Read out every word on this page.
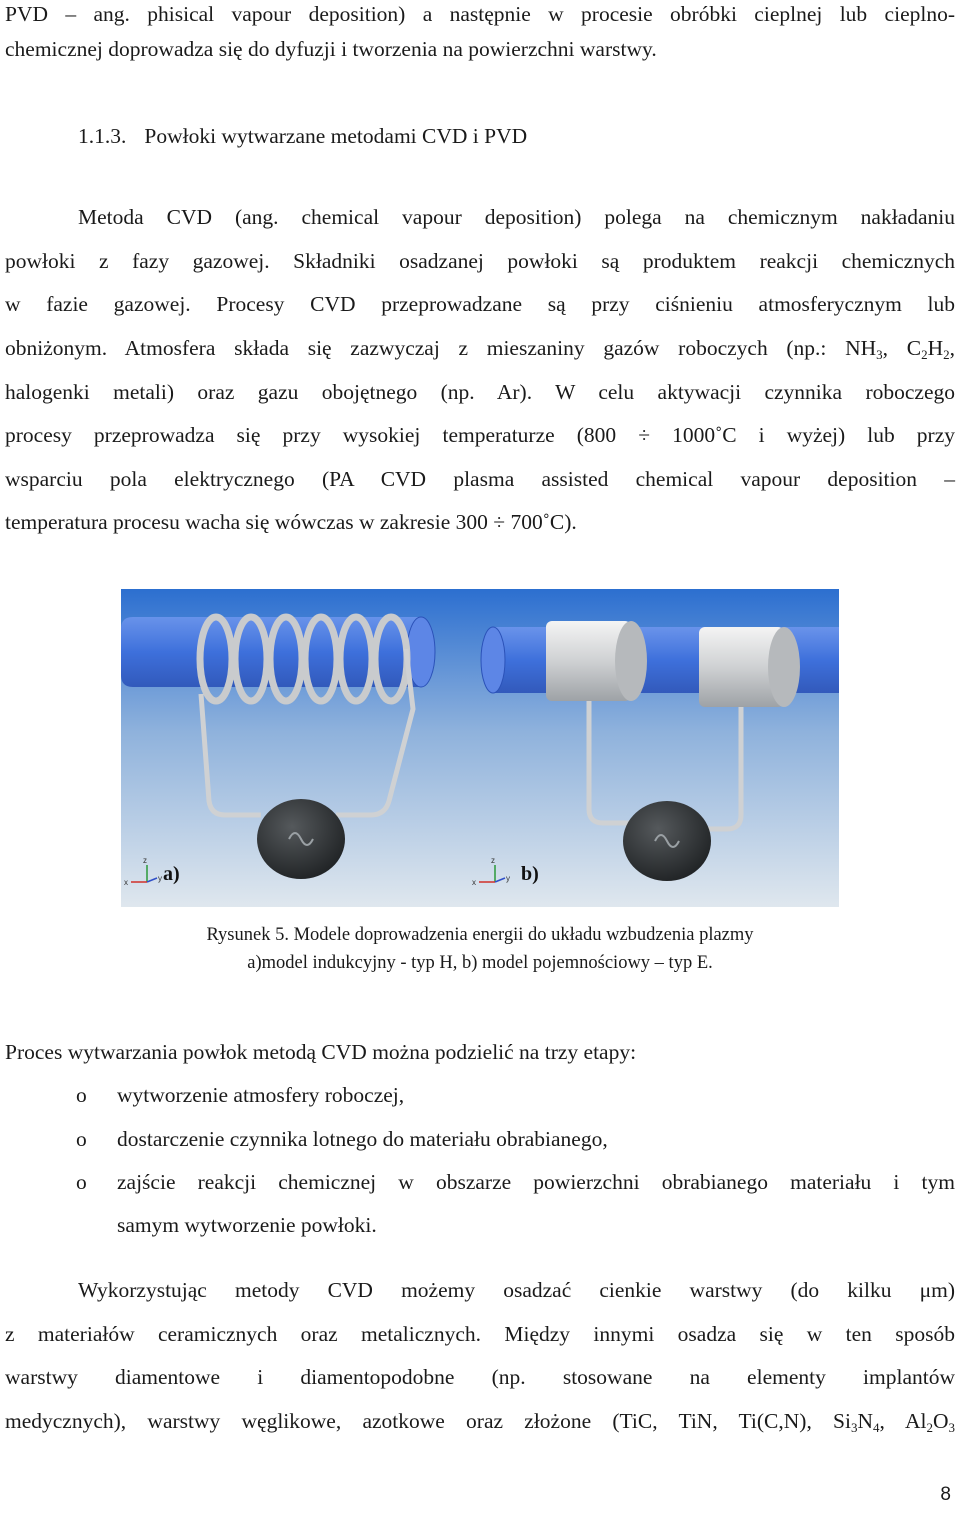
PVD – ang. phisical vapour deposition) a następnie w procesie obróbki cieplnej lub cieplno-
chemicznej doprowadza się do dyfuzji i tworzenia na powierzchni warstwy.
1.1.3. Powłoki wytwarzane metodami CVD i PVD
Metoda CVD (ang. chemical vapour deposition) polega na chemicznym nakładaniu
powłoki z fazy gazowej. Składniki osadzanej powłoki są produktem reakcji chemicznych
w fazie gazowej. Procesy CVD przeprowadzane są przy ciśnieniu atmosferycznym lub
obniżonym. Atmosfera składa się zazwyczaj z mieszaniny gazów roboczych (np.: $NH_3$, $C_2H_2$,
halogenki metali) oraz gazu obojętnego (np. Ar). W celu aktywacji czynnika roboczego
procesy przeprowadza się przy wysokiej temperaturze (800 ÷ 1000˚C i wyżej) lub przy
wsparciu pola elektrycznego (PA CVD plasma assisted chemical vapour deposition –
temperatura procesu wacha się wówczas w zakresie 300 ÷ 700˚C).
z
x	y
z
x	y
a)	b)
Rysunek 5. Modele doprowadzenia energii do układu wzbudzenia plazmy
a)model indukcyjny - typ H, b) model pojemnościowy – typ E.
Proces wytwarzania powłok metodą CVD można podzielić na trzy etapy:
o wytworzenie atmosfery roboczej,
o dostarczenie czynnika lotnego do materiału obrabianego,
o zajście reakcji chemicznej w obszarze powierzchni obrabianego materiału i tym
samym wytworzenie powłoki.
Wykorzystując metody CVD możemy osadzać cienkie warstwy (do kilku μm)
z materiałów ceramicznych oraz metalicznych. Między innymi osadza się w ten sposób
warstwy diamentowe i diamentopodobne (np. stosowane na elementy implantów
medycznych), warstwy węglikowe, azotkowe oraz złożone (TiC, TiN, Ti(C,N), $Si_3N_4$, $Al_2O_3$
8
